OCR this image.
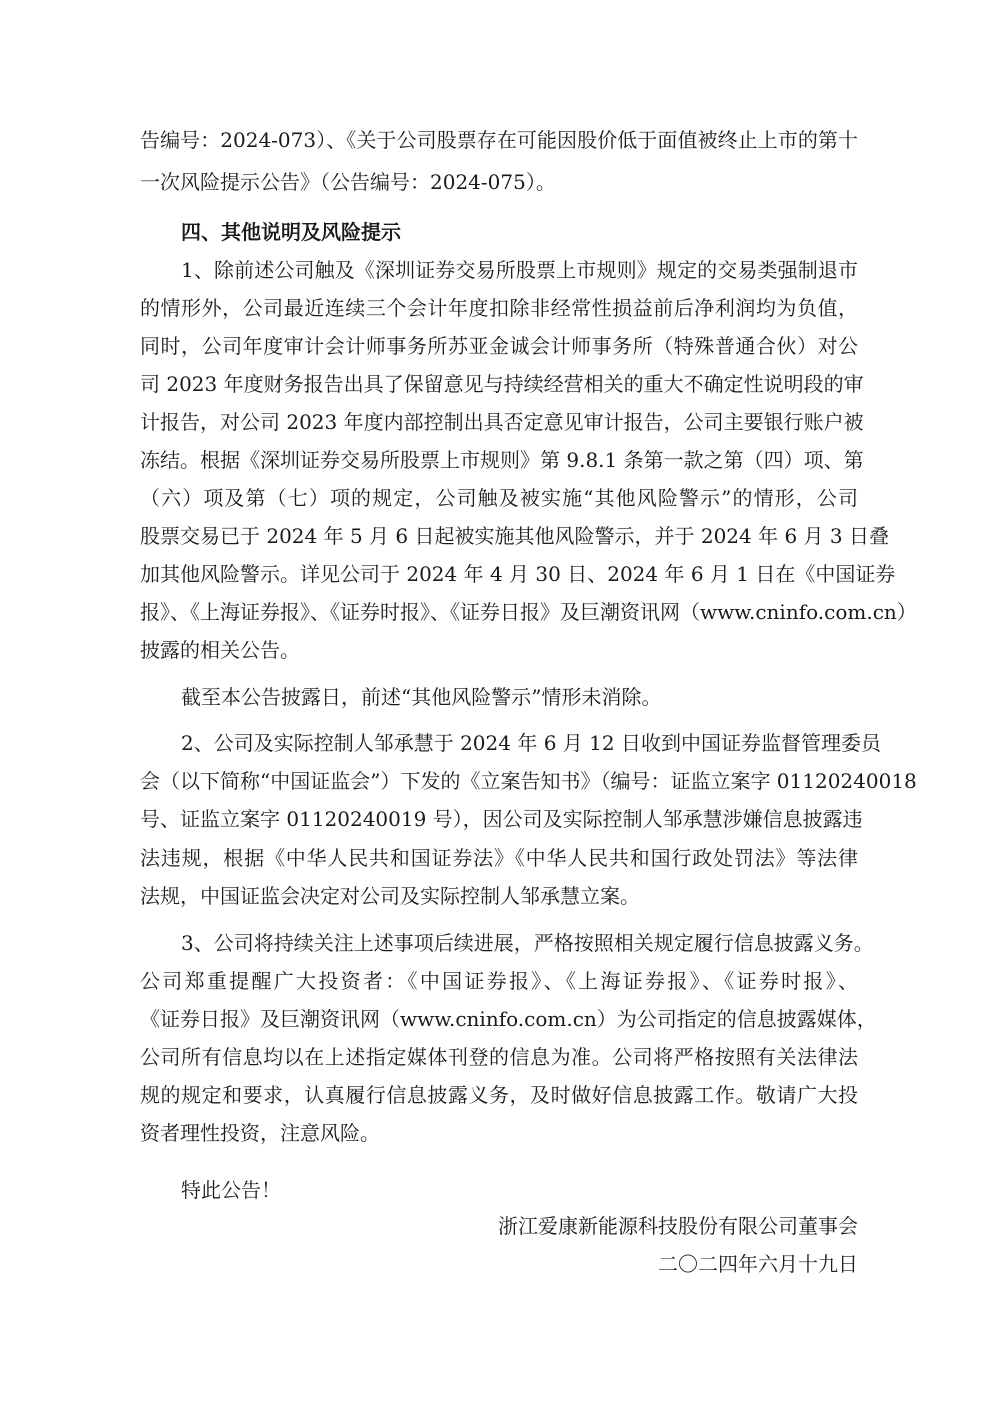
告编号：2024-073）、《关于公司股票存在可能因股价低于面值被终止上市的第十
一次风险提示公告》（公告编号：2024-075）。
四、其他说明及风险提示
1、除前述公司触及《深圳证券交易所股票上市规则》规定的交易类强制退市
的情形外，公司最近连续三个会计年度扣除非经常性损益前后净利润均为负值，
同时，公司年度审计会计师事务所苏亚金诚会计师事务所（特殊普通合伙）对公
司 2023 年度财务报告出具了保留意见与持续经营相关的重大不确定性说明段的审
计报告，对公司 2023 年度内部控制出具否定意见审计报告，公司主要银行账户被
冻结。根据《深圳证券交易所股票上市规则》第 9.8.1 条第一款之第（四）项、第
（六）项及第（七）项的规定，公司触及被实施“其他风险警示”的情形，公司
股票交易已于 2024 年 5 月 6 日起被实施其他风险警示，并于 2024 年 6 月 3 日叠
加其他风险警示。详见公司于 2024 年 4 月 30 日、2024 年 6 月 1 日在《中国证券
报》、《上海证券报》、《证券时报》、《证券日报》及巨潮资讯网（www.cninfo.com.cn）
披露的相关公告。
截至本公告披露日，前述“其他风险警示”情形未消除。
2、公司及实际控制人邹承慧于 2024 年 6 月 12 日收到中国证券监督管理委员
会（以下简称“中国证监会”）下发的《立案告知书》（编号：证监立案字 01120240018
号、证监立案字 01120240019 号），因公司及实际控制人邹承慧涉嫌信息披露违
法违规，根据《中华人民共和国证券法》《中华人民共和国行政处罚法》等法律
法规，中国证监会决定对公司及实际控制人邹承慧立案。
3、公司将持续关注上述事项后续进展，严格按照相关规定履行信息披露义务。
公司郑重提醒广大投资者：《中国证券报》、《上海证券报》、《证券时报》、
《证券日报》及巨潮资讯网（www.cninfo.com.cn）为公司指定的信息披露媒体，
公司所有信息均以在上述指定媒体刊登的信息为准。公司将严格按照有关法律法
规的规定和要求，认真履行信息披露义务，及时做好信息披露工作。敬请广大投
资者理性投资，注意风险。
特此公告！
浙江爱康新能源科技股份有限公司董事会
二〇二四年六月十九日
